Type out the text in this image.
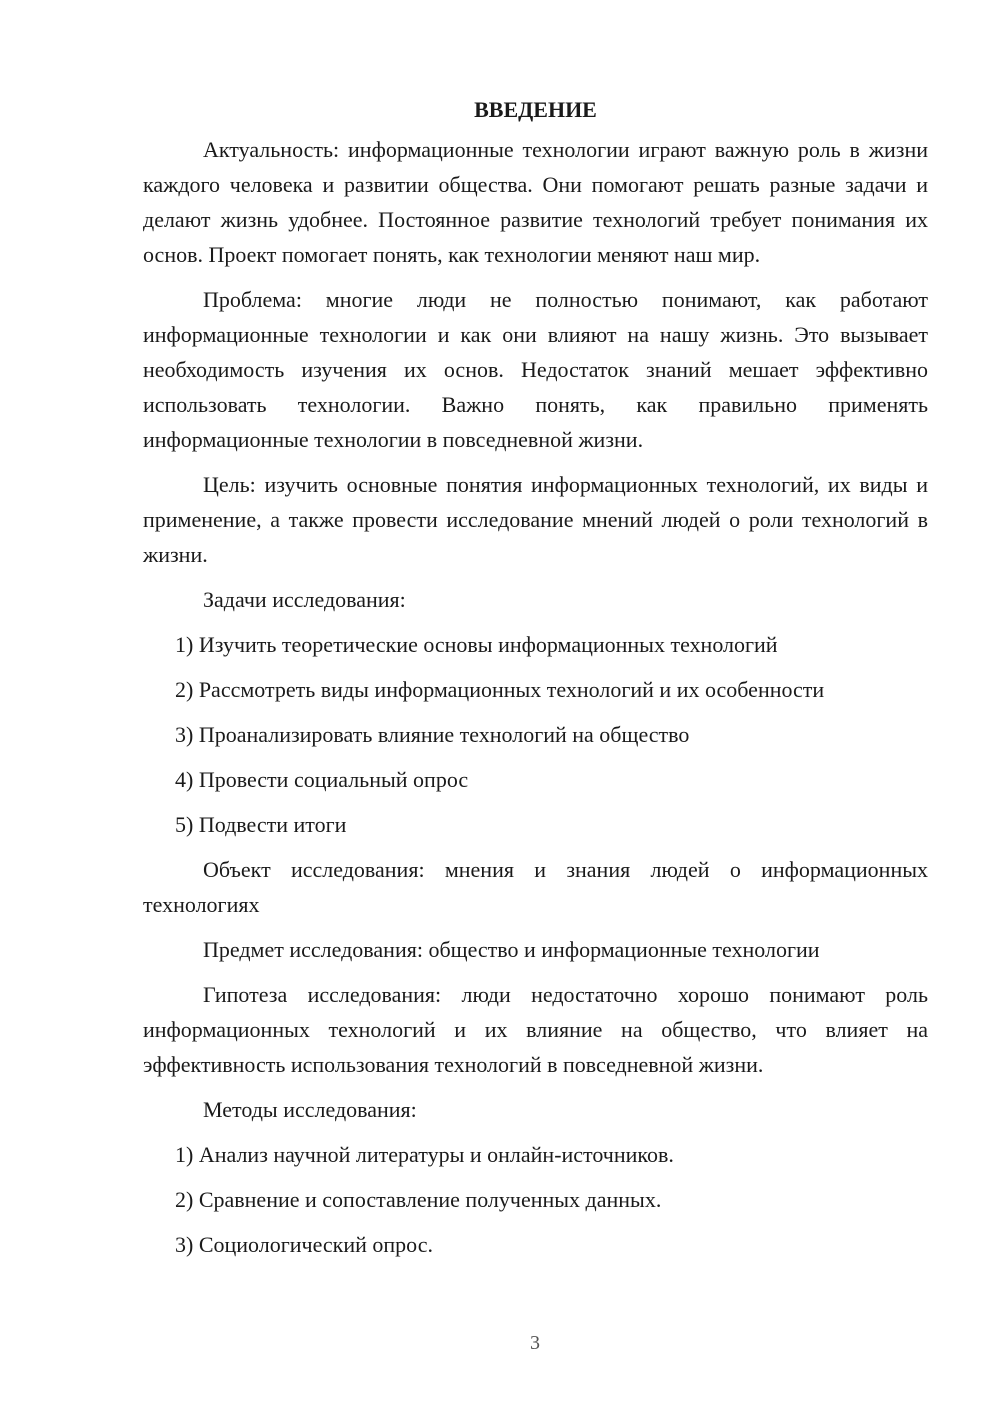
ВВЕДЕНИЕ

Актуальность: информационные технологии играют важную роль в жизни каждого человека и развитии общества. Они помогают решать разные задачи и делают жизнь удобнее. Постоянное развитие технологий требует понимания их основ. Проект помогает понять, как технологии меняют наш мир.

Проблема: многие люди не полностью понимают, как работают информационные технологии и как они влияют на нашу жизнь. Это вызывает необходимость изучения их основ. Недостаток знаний мешает эффективно использовать технологии. Важно понять, как правильно применять информационные технологии в повседневной жизни.

Цель: изучить основные понятия информационных технологий, их виды и применение, а также провести исследование мнений людей о роли технологий в жизни.

Задачи исследования:

1) Изучить теоретические основы информационных технологий
2) Рассмотреть виды информационных технологий и их особенности
3) Проанализировать влияние технологий на общество
4) Провести социальный опрос
5) Подвести итоги

Объект исследования: мнения и знания людей о информационных технологиях

Предмет исследования: общество и информационные технологии

Гипотеза исследования: люди недостаточно хорошо понимают роль информационных технологий и их влияние на общество, что влияет на эффективность использования технологий в повседневной жизни.

Методы исследования:

1) Анализ научной литературы и онлайн-источников.
2) Сравнение и сопоставление полученных данных.
3) Социологический опрос.
3
